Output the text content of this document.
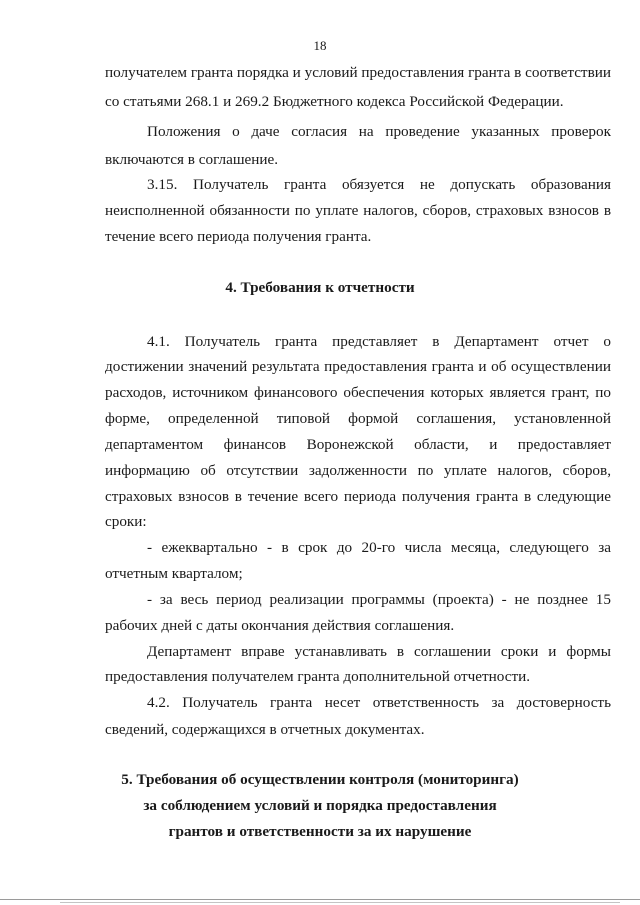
18
получателем гранта порядка и условий предоставления гранта в соответствии
со статьями 268.1 и 269.2 Бюджетного кодекса Российской Федерации.
Положения о даче согласия на проведение указанных проверок
включаются в соглашение.
3.15. Получатель гранта обязуется не допускать образования
неисполненной обязанности по уплате налогов, сборов, страховых взносов в
течение всего периода получения гранта.
4. Требования к отчетности
4.1. Получатель гранта представляет в Департамент отчет о
достижении значений результата предоставления гранта и об осуществлении
расходов, источником финансового обеспечения которых является грант, по
форме, определенной типовой формой соглашения, установленной
департаментом финансов Воронежской области, и предоставляет
информацию об отсутствии задолженности по уплате налогов, сборов,
страховых взносов в течение всего периода получения гранта в следующие
сроки:
- ежеквартально - в срок до 20-го числа месяца, следующего за
отчетным кварталом;
- за весь период реализации программы (проекта) - не позднее 15
рабочих дней с даты окончания действия соглашения.
Департамент вправе устанавливать в соглашении сроки и формы
предоставления получателем гранта дополнительной отчетности.
4.2. Получатель гранта несет ответственность за достоверность
сведений, содержащихся в отчетных документах.
5. Требования об осуществлении контроля (мониторинга)
за соблюдением условий и порядка предоставления
грантов и ответственности за их нарушение
